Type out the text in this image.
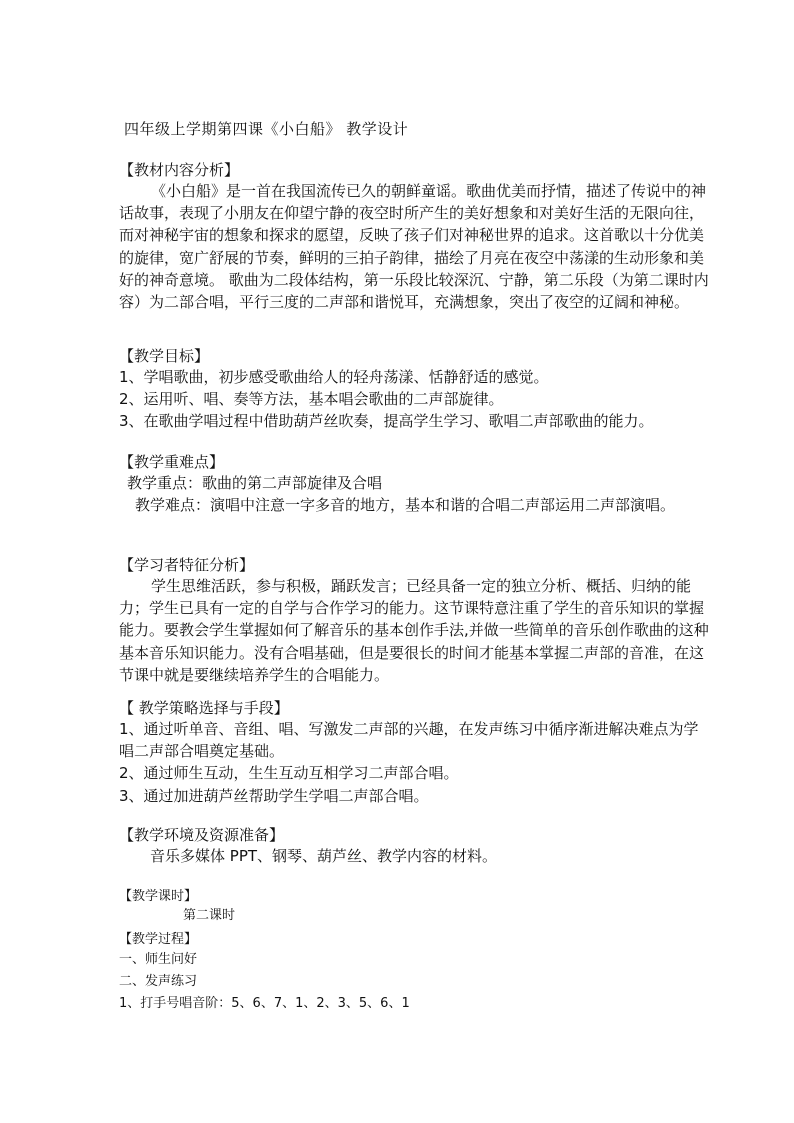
四年级上学期第四课《小白船》 教学设计
【教材内容分析】
《小白船》是一首在我国流传已久的朝鲜童谣。歌曲优美而抒情，描述了传说中的神话故事，表现了小朋友在仰望宁静的夜空时所产生的美好想象和对美好生活的无限向往，而对神秘宇宙的想象和探求的愿望，反映了孩子们对神秘世界的追求。这首歌以十分优美的旋律，宽广舒展的节奏，鲜明的三拍子韵律，描绘了月亮在夜空中荡漾的生动形象和美好的神奇意境。 歌曲为二段体结构，第一乐段比较深沉、宁静，第二乐段（为第二课时内容）为二部合唱，平行三度的二声部和谐悦耳，充满想象，突出了夜空的辽阔和神秘。
【教学目标】
1、学唱歌曲，初步感受歌曲给人的轻舟荡漾、恬静舒适的感觉。
2、运用听、唱、奏等方法，基本唱会歌曲的二声部旋律。
3、在歌曲学唱过程中借助葫芦丝吹奏，提高学生学习、歌唱二声部歌曲的能力。
【教学重难点】
教学重点：歌曲的第二声部旋律及合唱
教学难点：演唱中注意一字多音的地方，基本和谐的合唱二声部运用二声部演唱。
【学习者特征分析】
学生思维活跃，参与积极，踊跃发言；已经具备一定的独立分析、概括、归纳的能力；学生已具有一定的自学与合作学习的能力。这节课特意注重了学生的音乐知识的掌握能力。要教会学生掌握如何了解音乐的基本创作手法,并做一些简单的音乐创作歌曲的这种基本音乐知识能力。没有合唱基础，但是要很长的时间才能基本掌握二声部的音准，在这节课中就是要继续培养学生的合唱能力。
【 教学策略选择与手段】
1、通过听单音、音组、唱、写激发二声部的兴趣，在发声练习中循序渐进解决难点为学唱二声部合唱奠定基础。
2、通过师生互动，生生互动互相学习二声部合唱。
3、通过加进葫芦丝帮助学生学唱二声部合唱。
【教学环境及资源准备】
音乐多媒体 PPT、钢琴、葫芦丝、教学内容的材料。
【教学课时】
第二课时
【教学过程】
一、师生问好
二、发声练习
1、打手号唱音阶：5、6、7、1、2、3、5、6、1
